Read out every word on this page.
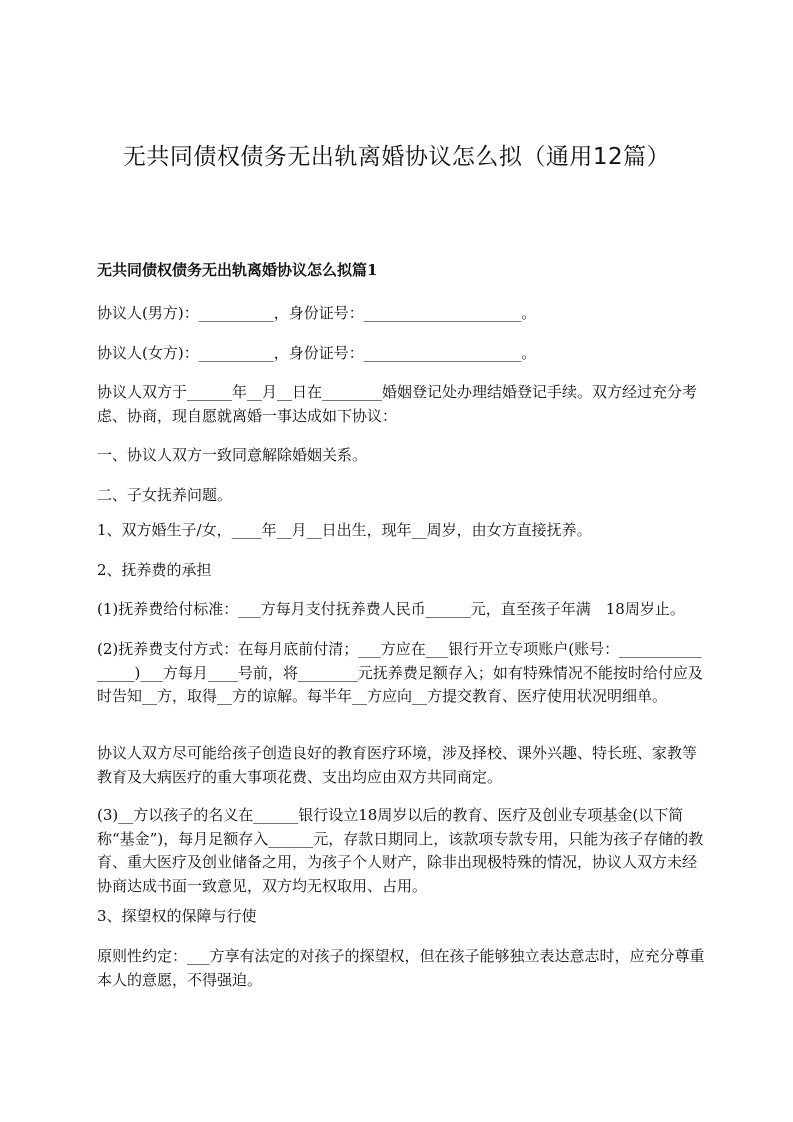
无共同债权债务无出轨离婚协议怎么拟（通用12篇）
无共同债权债务无出轨离婚协议怎么拟篇1
协议人(男方)：__________，身份证号：_____________________。
协议人(女方)：__________，身份证号：_____________________。
协议人双方于______年__月__日在________婚姻登记处办理结婚登记手续。双方经过充分考虑、协商，现自愿就离婚一事达成如下协议：
一、协议人双方一致同意解除婚姻关系。
二、子女抚养问题。
1、双方婚生子/女，____年__月__日出生，现年__周岁，由女方直接抚养。
2、抚养费的承担
(1)抚养费给付标准：___方每月支付抚养费人民币______元，直至孩子年满　18周岁止。
(2)抚养费支付方式：在每月底前付清；___方应在___银行开立专项账户(账号：________________)___方每月____号前，将________元抚养费足额存入；如有特殊情况不能按时给付应及时告知__方，取得__方的谅解。每半年__方应向__方提交教育、医疗使用状况明细单。
协议人双方尽可能给孩子创造良好的教育医疗环境，涉及择校、课外兴趣、特长班、家教等教育及大病医疗的重大事项花费、支出均应由双方共同商定。
(3)__方以孩子的名义在______银行设立18周岁以后的教育、医疗及创业专项基金(以下简称“基金”)，每月足额存入______元，存款日期同上，该款项专款专用，只能为孩子存储的教育、重大医疗及创业储备之用，为孩子个人财产，除非出现极特殊的情况，协议人双方未经协商达成书面一致意见，双方均无权取用、占用。
3、探望权的保障与行使
原则性约定：___方享有法定的对孩子的探望权，但在孩子能够独立表达意志时，应充分尊重本人的意愿，不得强迫。
